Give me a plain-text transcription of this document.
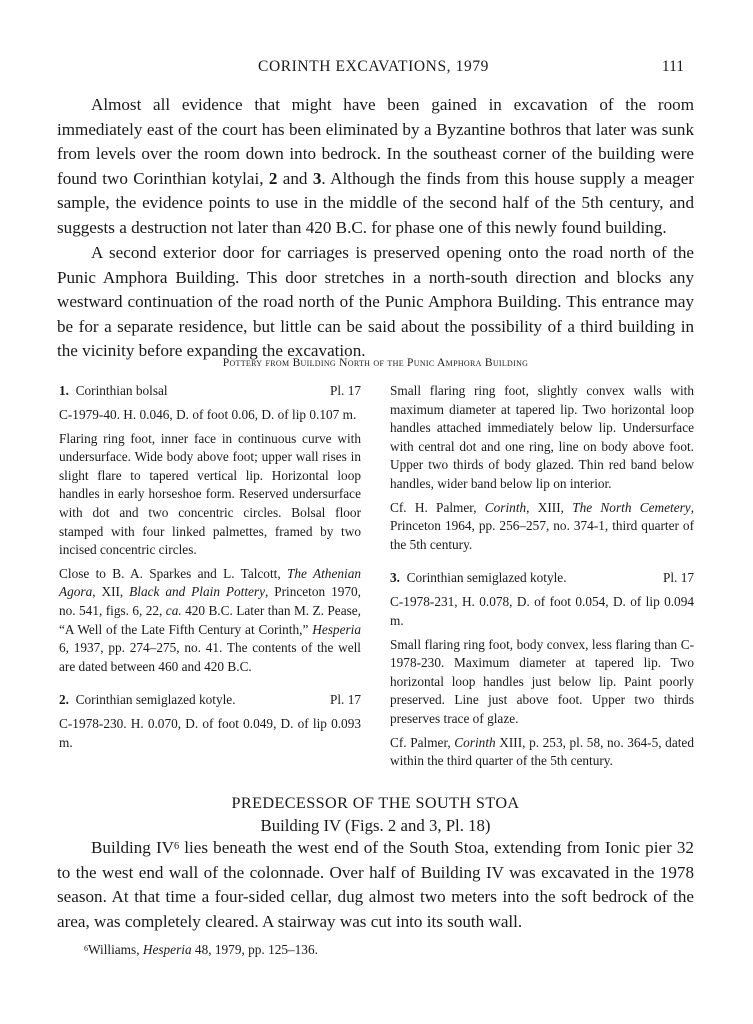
CORINTH EXCAVATIONS, 1979	111

Almost all evidence that might have been gained in excavation of the room immediately east of the court has been eliminated by a Byzantine bothros that later was sunk from levels over the room down into bedrock. In the southeast corner of the building were found two Corinthian kotylai, 2 and 3. Although the finds from this house supply a meager sample, the evidence points to use in the middle of the second half of the 5th century, and suggests a destruction not later than 420 B.C. for phase one of this newly found building.

A second exterior door for carriages is preserved opening onto the road north of the Punic Amphora Building. This door stretches in a north-south direction and blocks any westward continuation of the road north of the Punic Amphora Building. This entrance may be for a separate residence, but little can be said about the possibility of a third building in the vicinity before expanding the excavation.

Pottery from Building North of the Punic Amphora Building
1. Corinthian bolsal	Pl. 17

C-1979-40. H. 0.046, D. of foot 0.06, D. of lip 0.107 m.

Flaring ring foot, inner face in continuous curve with undersurface. Wide body above foot; upper wall rises in slight flare to tapered vertical lip. Horizontal loop handles in early horseshoe form. Reserved undersurface with dot and two concentric circles. Bolsal floor stamped with four linked palmettes, framed by two incised concentric circles.

Close to B. A. Sparkes and L. Talcott, The Athenian Agora, XII, Black and Plain Pottery, Princeton 1970, no. 541, figs. 6, 22, ca. 420 B.C. Later than M. Z. Pease, “A Well of the Late Fifth Century at Corinth,” Hesperia 6, 1937, pp. 274–275, no. 41. The contents of the well are dated between 460 and 420 B.C.

2. Corinthian semiglazed kotyle.	Pl. 17

C-1978-230. H. 0.070, D. of foot 0.049, D. of lip 0.093 m.

Small flaring ring foot, slightly convex walls with maximum diameter at tapered lip. Two horizontal loop handles attached immediately below lip. Undersurface with central dot and one ring, line on body above foot. Upper two thirds of body glazed. Thin red band below handles, wider band below lip on interior.

Cf. H. Palmer, Corinth, XIII, The North Cemetery, Princeton 1964, pp. 256–257, no. 374-1, third quarter of the 5th century.

3. Corinthian semiglazed kotyle.	Pl. 17

C-1978-231, H. 0.078, D. of foot 0.054, D. of lip 0.094 m.

Small flaring ring foot, body convex, less flaring than C-1978-230. Maximum diameter at tapered lip. Two horizontal loop handles just below lip. Paint poorly preserved. Line just above foot. Upper two thirds preserves trace of glaze.

Cf. Palmer, Corinth XIII, p. 253, pl. 58, no. 364-5, dated within the third quarter of the 5th century.

PREDECESSOR OF THE SOUTH STOA
Building IV (Figs. 2 and 3, Pl. 18)

Building $IV^6$ lies beneath the west end of the South Stoa, extending from Ionic pier 32 to the west end wall of the colonnade. Over half of Building IV was excavated in the 1978 season. At that time a four-sided cellar, dug almost two meters into the soft bedrock of the area, was completely cleared. A stairway was cut into its south wall.

$^6$Williams, Hesperia 48, 1979, pp. 125–136.
